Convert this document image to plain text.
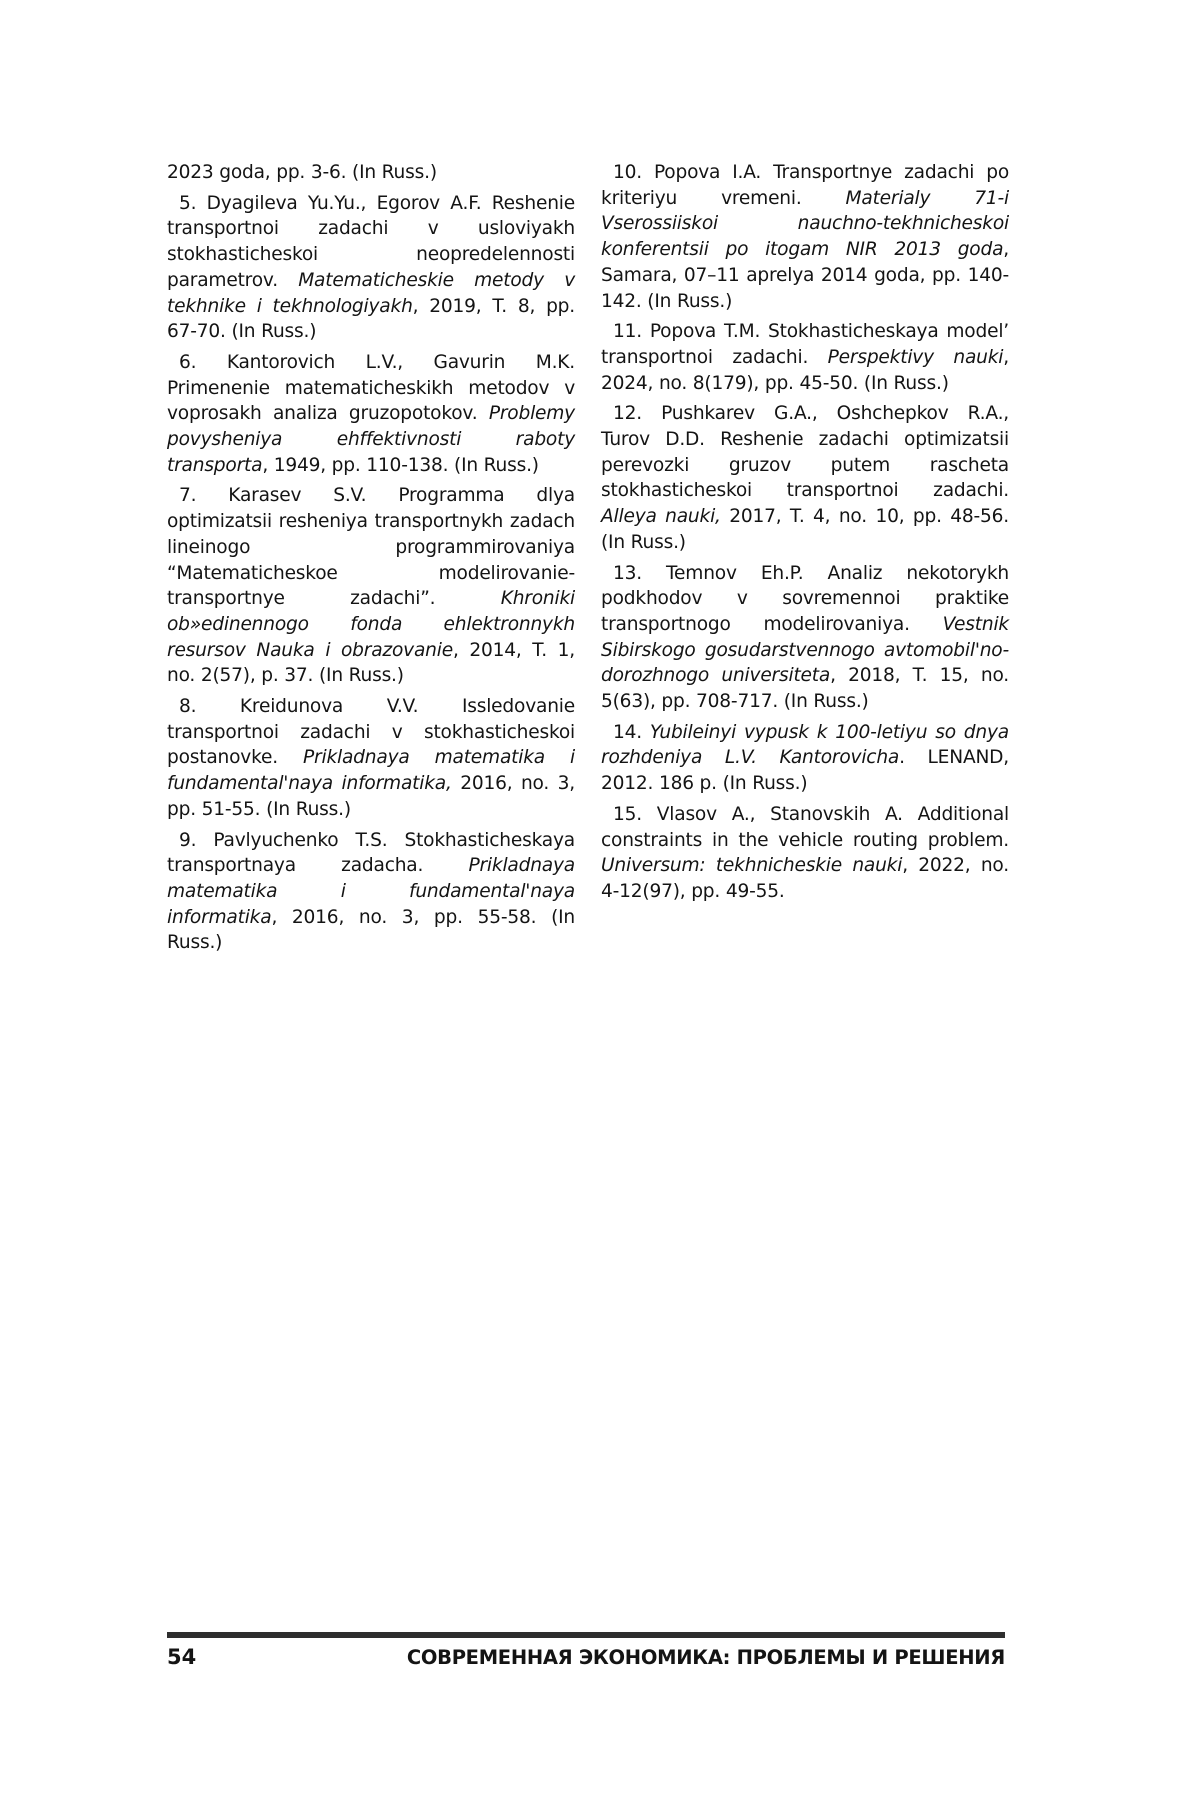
2023 goda, pp. 3-6. (In Russ.)

5. Dyagileva Yu.Yu., Egorov A.F. Reshenie transportnoi zadachi v usloviyakh stokhasticheskoi neopredelennosti parametrov. Matematicheskie metody v tekhnike i tekhnologiyakh, 2019, T. 8, pp. 67-70. (In Russ.)

6. Kantorovich L.V., Gavurin M.K. Primenenie matematicheskikh metodov v voprosakh analiza gruzopotokov. Problemy povysheniya ehffektivnosti raboty transporta, 1949, pp. 110-138. (In Russ.)

7. Karasev S.V. Programma dlya optimizatsii resheniya transportnykh zadach lineinogo programmirovaniya “Matematicheskoe modelirovanie-transportnye zadachi”. Khroniki ob»edinennogo fonda ehlektronnykh resursov Nauka i obrazovanie, 2014, T. 1, no. 2(57), p. 37. (In Russ.)

8. Kreidunova V.V. Issledovanie transportnoi zadachi v stokhasticheskoi postanovke. Prikladnaya matematika i fundamental'naya informatika, 2016, no. 3, pp. 51-55. (In Russ.)

9. Pavlyuchenko T.S. Stokhasticheskaya transportnaya zadacha. Prikladnaya matematika i fundamental'naya informatika, 2016, no. 3, pp. 55-58. (In Russ.)

10. Popova I.A. Transportnye zadachi po kriteriyu vremeni. Materialy 71-i Vserossiiskoi nauchno-tekhnicheskoi konferentsii po itogam NIR 2013 goda, Samara, 07–11 aprelya 2014 goda, pp. 140-142. (In Russ.)

11. Popova T.M. Stokhasticheskaya model’ transportnoi zadachi. Perspektivy nauki, 2024, no. 8(179), pp. 45-50. (In Russ.)

12. Pushkarev G.A., Oshchepkov R.A., Turov D.D. Reshenie zadachi optimizatsii perevozki gruzov putem rascheta stokhasticheskoi transportnoi zadachi. Alleya nauki, 2017, T. 4, no. 10, pp. 48-56. (In Russ.)

13. Temnov Eh.P. Analiz nekotorykh podkhodov v sovremennoi praktike transportnogo modelirovaniya. Vestnik Sibirskogo gosudarstvennogo avtomobil'no-dorozhnogo universiteta, 2018, T. 15, no. 5(63), pp. 708-717. (In Russ.)

14. Yubileinyi vypusk k 100-letiyu so dnya rozhdeniya L.V. Kantorovicha. LENAND, 2012. 186 p. (In Russ.)

15. Vlasov A., Stanovskih A. Additional constraints in the vehicle routing problem. Universum: tekhnicheskie nauki, 2022, no. 4-12(97), pp. 49-55.

54	СОВРЕМЕННАЯ ЭКОНОМИКА: ПРОБЛЕМЫ И РЕШЕНИЯ
